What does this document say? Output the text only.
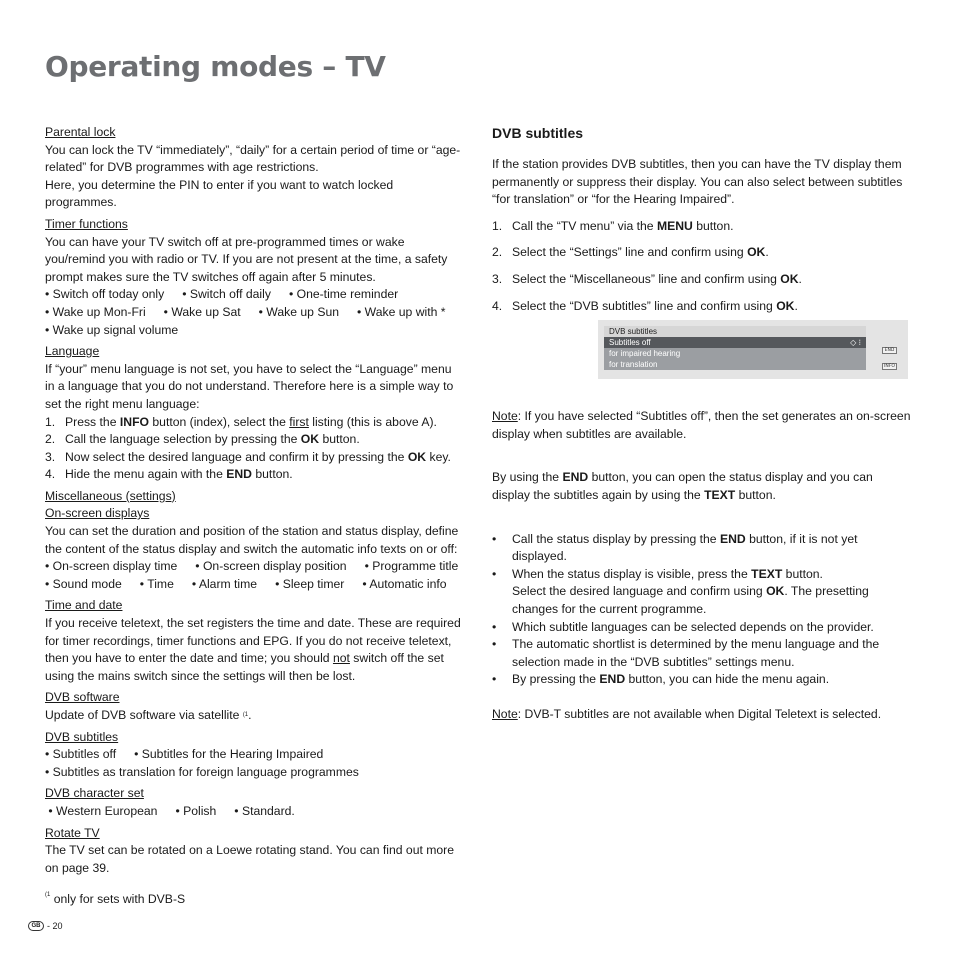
Operating modes – TV
Parental lock
You can lock the TV “immediately”, “daily” for a certain period of time or “age-related” for DVB programmes with age restrictions.
Here, you determine the PIN to enter if you want to watch locked programmes.
Timer functions
You can have your TV switch off at pre-programmed times or wake you/remind you with radio or TV. If you are not present at the time, a safety prompt makes sure the TV switches off again after 5 minutes.
• Switch off today only • Switch off daily • One-time reminder
• Wake up Mon-Fri • Wake up Sat • Wake up Sun • Wake up with *
• Wake up signal volume
Language
If “your” menu language is not set, you have to select the “Language” menu in a language that you do not understand. Therefore here is a simple way to set the right menu language:
1. Press the INFO button (index), select the first listing (this is above A).
2. Call the language selection by pressing the OK button.
3. Now select the desired language and confirm it by pressing the OK key.
4. Hide the menu again with the END button.
Miscellaneous (settings)
On-screen displays
You can set the duration and position of the station and status display, define the content of the status display and switch the automatic info texts on or off:
• On-screen display time • On-screen display position • Programme title
• Sound mode • Time • Alarm time • Sleep timer • Automatic info
Time and date
If you receive teletext, the set registers the time and date. These are required for timer recordings, timer functions and EPG. If you do not receive teletext, then you have to enter the date and time; you should not switch off the set using the mains switch since the settings will then be lost.
DVB software
Update of DVB software via satellite $^{(1}$.
DVB subtitles
• Subtitles off • Subtitles for the Hearing Impaired
• Subtitles as translation for foreign language programmes
DVB character set
• Western European • Polish • Standard.
Rotate TV
The TV set can be rotated on a Loewe rotating stand. You can find out more on page 39.
DVB subtitles
If the station provides DVB subtitles, then you can have the TV display them permanently or suppress their display. You can also select between subtitles “for translation” or “for the Hearing Impaired”.
1. Call the “TV menu” via the MENU button.
2. Select the “Settings” line and confirm using OK.
3. Select the “Miscellaneous” line and confirm using OK.
4. Select the “DVB subtitles” line and confirm using OK.
Note: If you have selected “Subtitles off”, then the set generates an on-screen display when subtitles are available.
By using the END button, you can open the status display and you can display the subtitles again by using the TEXT button.
•	Call the status display by pressing the END button, if it is not yet displayed.
•	When the status display is visible, press the TEXT button.
Select the desired language and confirm using OK. The presetting changes for the current programme.
•	Which subtitle languages can be selected depends on the provider.
•	The automatic shortlist is determined by the menu language and the selection made in the “DVB subtitles” settings menu.
•	By pressing the END button, you can hide the menu again.
Note: DVB-T subtitles are not available when Digital Teletext is selected.
DVB subtitles
Subtitles off	◇ ⁝
for impaired hearing
for translation
END
INFO
$^{(1}$ only for sets with DVB-S
GB - 20
